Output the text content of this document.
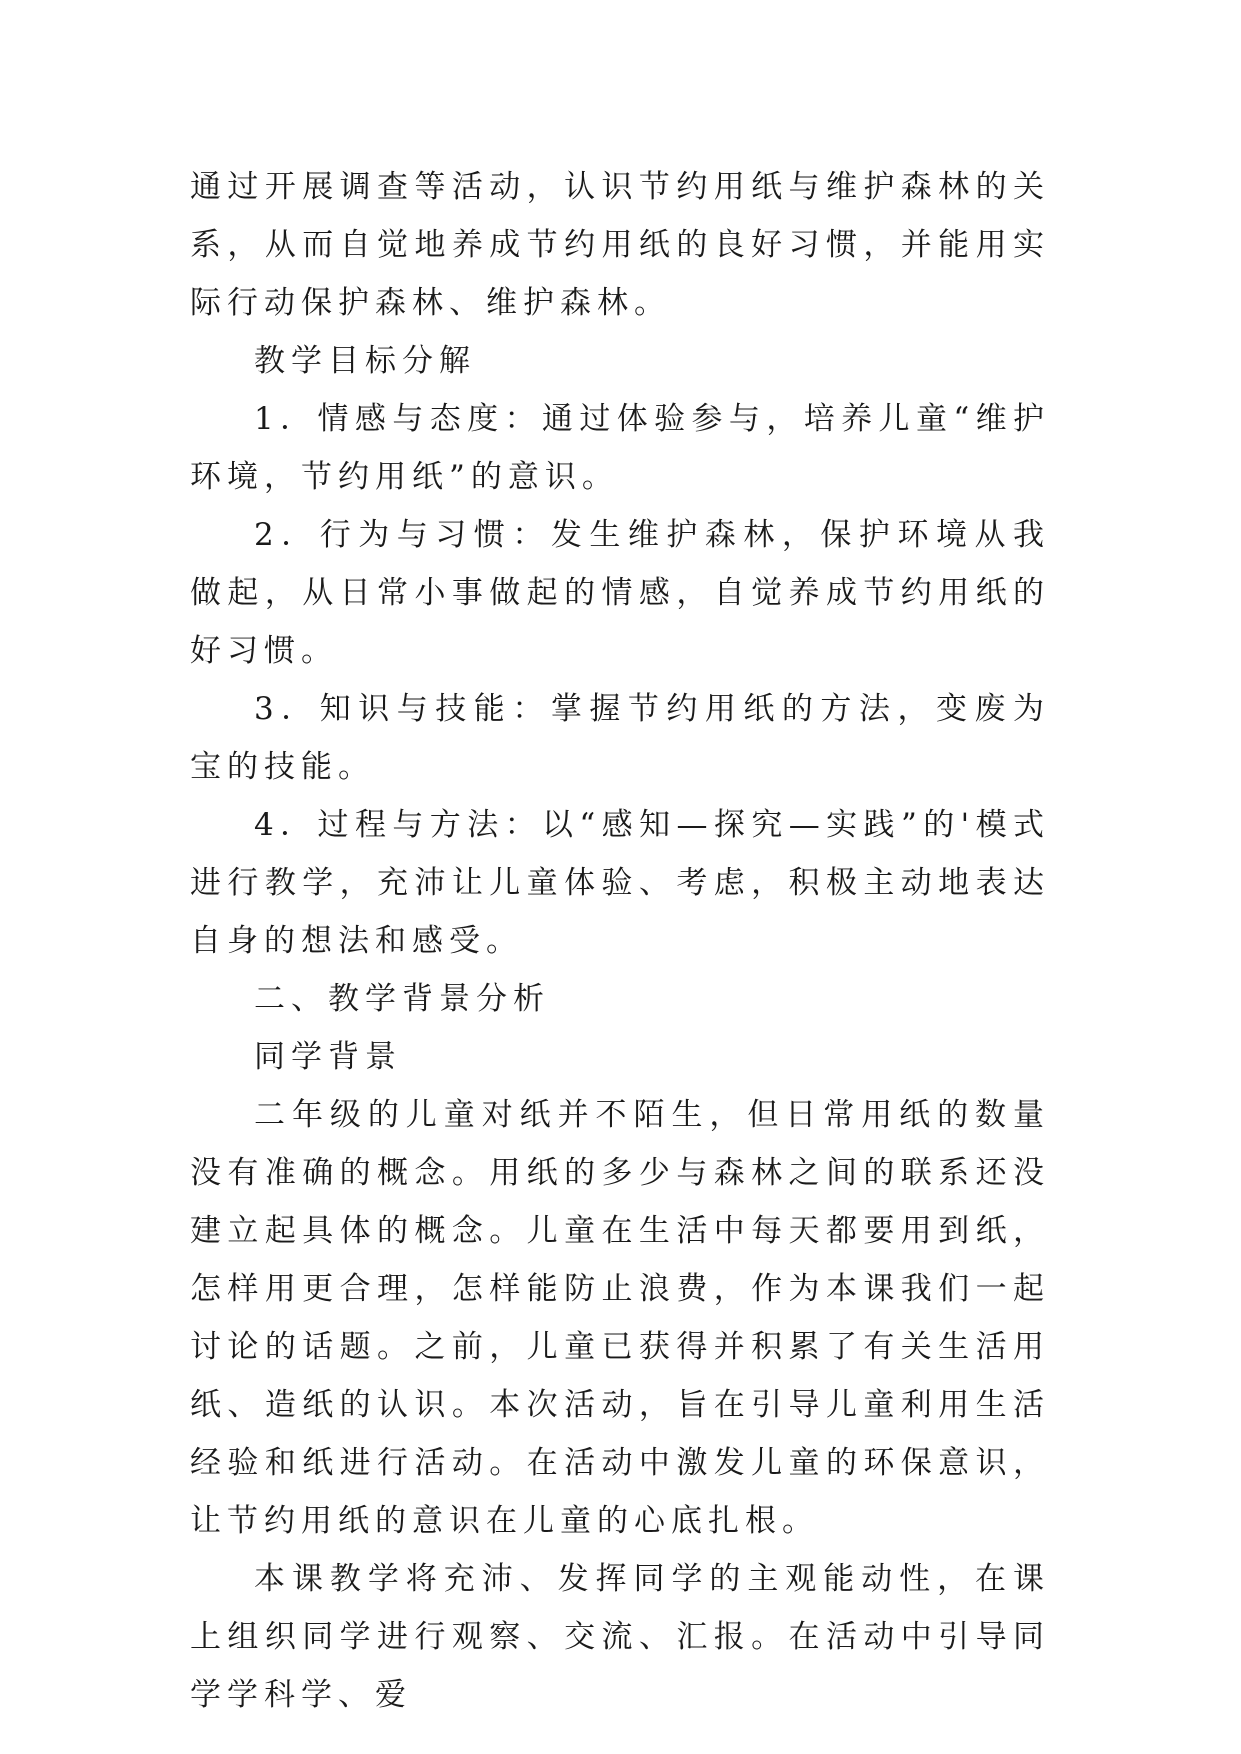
通过开展调查等活动，认识节约用纸与维护森林的关系，从而自觉地养成节约用纸的良好习惯，并能用实际行动保护森林、维护森林。

教学目标分解

1．情感与态度：通过体验参与，培养儿童“维护环境，节约用纸”的意识。

2．行为与习惯：发生维护森林，保护环境从我做起，从日常小事做起的情感，自觉养成节约用纸的好习惯。

3．知识与技能：掌握节约用纸的方法，变废为宝的技能。

4．过程与方法：以“感知—探究—实践”的'模式进行教学，充沛让儿童体验、考虑，积极主动地表达自身的想法和感受。

二、教学背景分析

同学背景

二年级的儿童对纸并不陌生，但日常用纸的数量没有准确的概念。用纸的多少与森林之间的联系还没建立起具体的概念。儿童在生活中每天都要用到纸，怎样用更合理，怎样能防止浪费，作为本课我们一起讨论的话题。之前，儿童已获得并积累了有关生活用纸、造纸的认识。本次活动，旨在引导儿童利用生活经验和纸进行活动。在活动中激发儿童的环保意识，让节约用纸的意识在儿童的心底扎根。

本课教学将充沛、发挥同学的主观能动性，在课上组织同学进行观察、交流、汇报。在活动中引导同学学科学、爱
